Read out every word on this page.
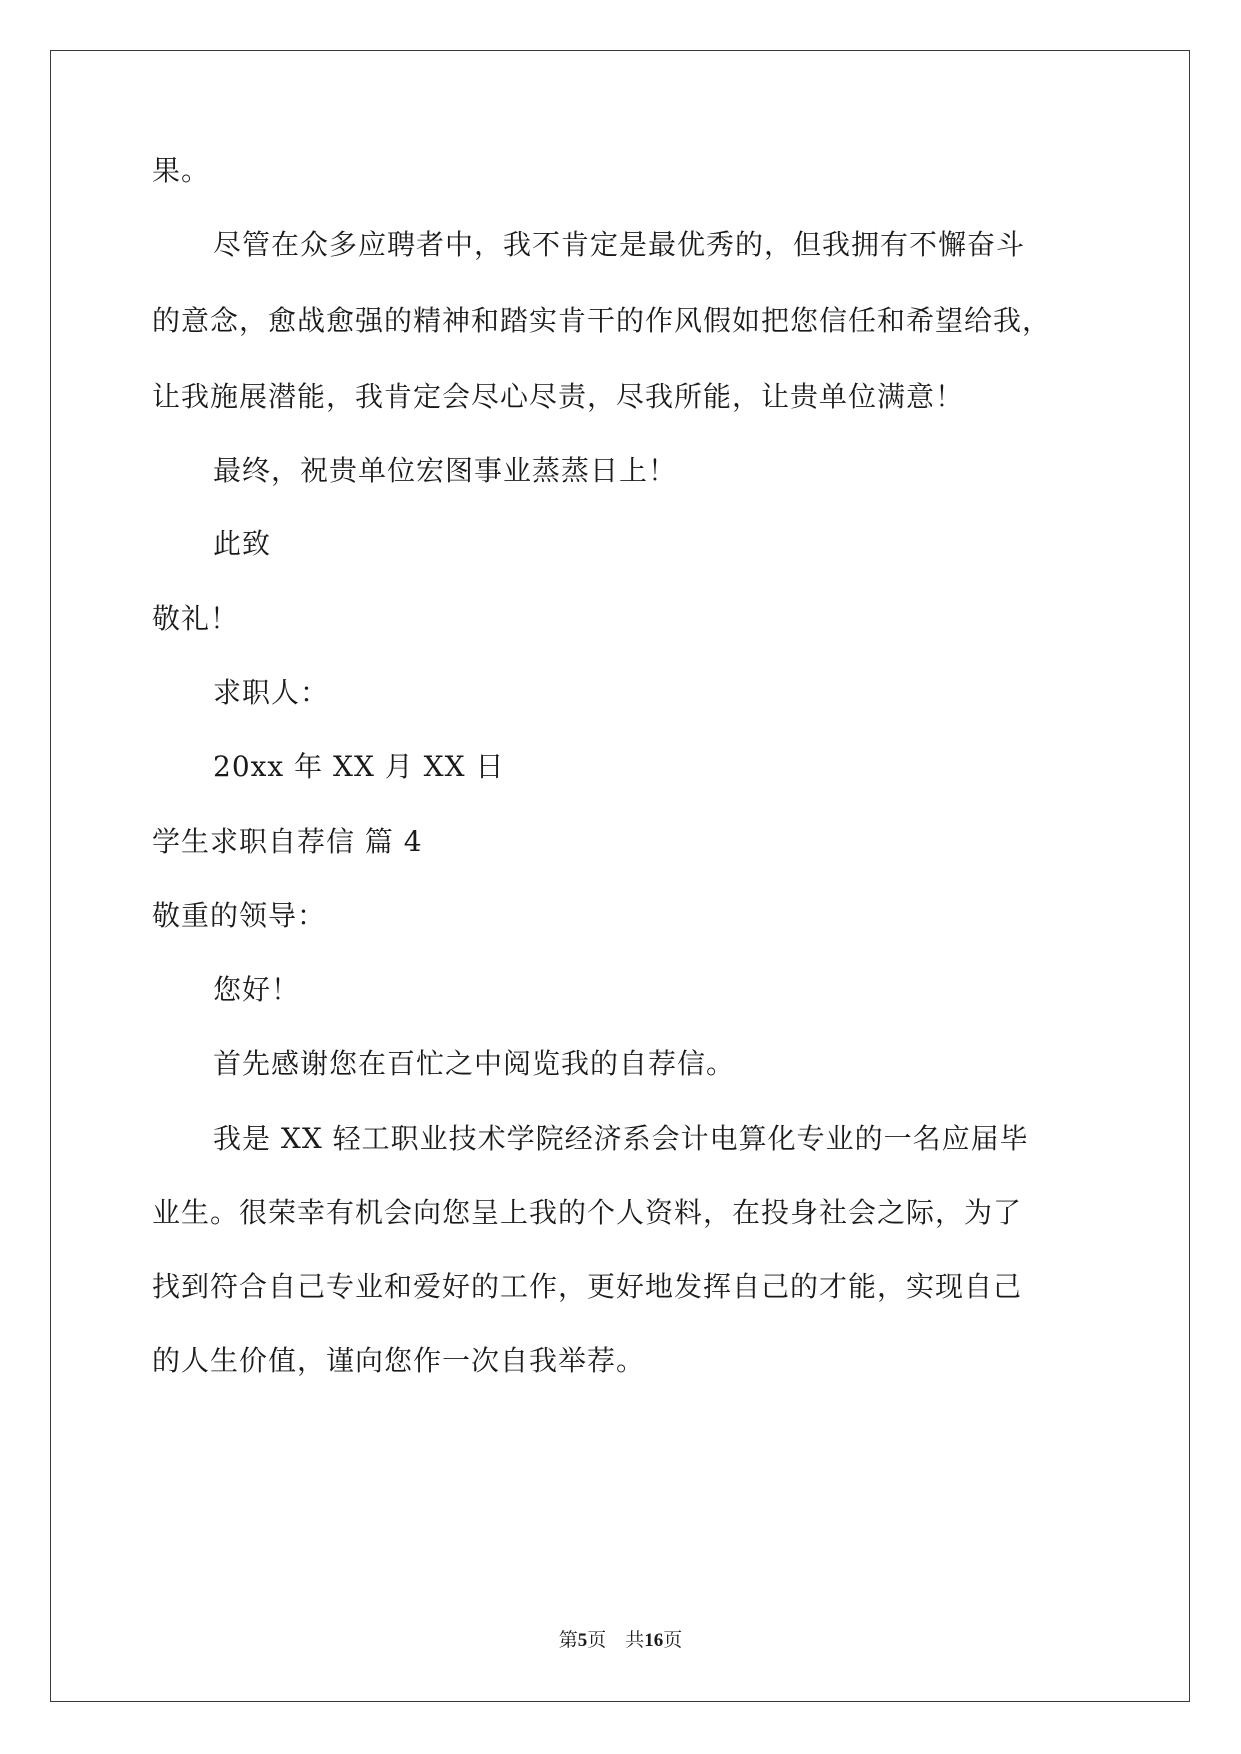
果。
尽管在众多应聘者中，我不肯定是最优秀的，但我拥有不懈奋斗
的意念，愈战愈强的精神和踏实肯干的作风假如把您信任和希望给我，
让我施展潜能，我肯定会尽心尽责，尽我所能，让贵单位满意！
最终，祝贵单位宏图事业蒸蒸日上！
此致
敬礼！
求职人：
20xx 年 XX 月 XX 日
学生求职自荐信 篇 4
敬重的领导：
您好！
首先感谢您在百忙之中阅览我的自荐信。
我是 XX 轻工职业技术学院经济系会计电算化专业的一名应届毕
业生。很荣幸有机会向您呈上我的个人资料，在投身社会之际，为了
找到符合自己专业和爱好的工作，更好地发挥自己的才能，实现自己
的人生价值，谨向您作一次自我举荐。
第5页　共16页
